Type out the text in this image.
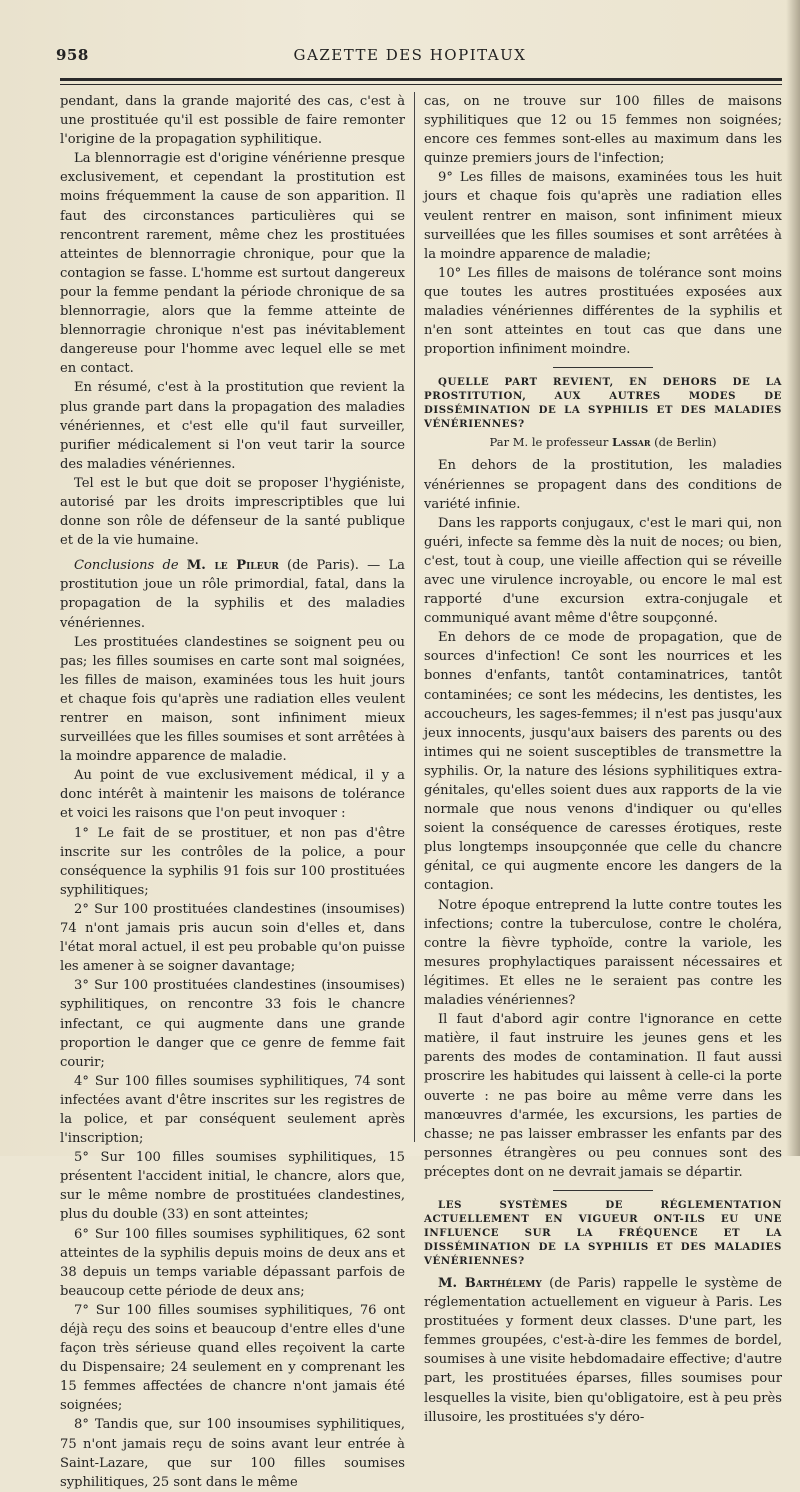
958	GAZETTE DES HOPITAUX

pendant, dans la grande majorité des cas, c'est à une prostituée qu'il est possible de faire remonter l'origine de la propagation syphilitique.

La blennorragie est d'origine vénérienne presque exclusivement, et cependant la prostitution est moins fréquemment la cause de son apparition. Il faut des circonstances particulières qui se rencontrent rarement, même chez les prostituées atteintes de blennorragie chronique, pour que la contagion se fasse. L'homme est surtout dangereux pour la femme pendant la période chronique de sa blennorragie, alors que la femme atteinte de blennorragie chronique n'est pas inévitablement dangereuse pour l'homme avec lequel elle se met en contact.

En résumé, c'est à la prostitution que revient la plus grande part dans la propagation des maladies vénériennes, et c'est elle qu'il faut surveiller, purifier médicalement si l'on veut tarir la source des maladies vénériennes.

Tel est le but que doit se proposer l'hygiéniste, autorisé par les droits imprescriptibles que lui donne son rôle de défenseur de la santé publique et de la vie humaine.

Conclusions de M. le Pileur (de Paris). — La prostitution joue un rôle primordial, fatal, dans la propagation de la syphilis et des maladies vénériennes.

Les prostituées clandestines se soignent peu ou pas; les filles soumises en carte sont mal soignées, les filles de maison, examinées tous les huit jours et chaque fois qu'après une radiation elles veulent rentrer en maison, sont infiniment mieux surveillées que les filles soumises et sont arrêtées à la moindre apparence de maladie.

Au point de vue exclusivement médical, il y a donc intérêt à maintenir les maisons de tolérance et voici les raisons que l'on peut invoquer :

1° Le fait de se prostituer, et non pas d'être inscrite sur les contrôles de la police, a pour conséquence la syphilis 91 fois sur 100 prostituées syphilitiques;

2° Sur 100 prostituées clandestines (insoumises) 74 n'ont jamais pris aucun soin d'elles et, dans l'état moral actuel, il est peu probable qu'on puisse les amener à se soigner davantage;

3° Sur 100 prostituées clandestines (insoumises) syphilitiques, on rencontre 33 fois le chancre infectant, ce qui augmente dans une grande proportion le danger que ce genre de femme fait courir;

4° Sur 100 filles soumises syphilitiques, 74 sont infectées avant d'être inscrites sur les registres de la police, et par conséquent seulement après l'inscription;

5° Sur 100 filles soumises syphilitiques, 15 présentent l'accident initial, le chancre, alors que, sur le même nombre de prostituées clandestines, plus du double (33) en sont atteintes;

6° Sur 100 filles soumises syphilitiques, 62 sont atteintes de la syphilis depuis moins de deux ans et 38 depuis un temps variable dépassant parfois de beaucoup cette période de deux ans;

7° Sur 100 filles soumises syphilitiques, 76 ont déjà reçu des soins et beaucoup d'entre elles d'une façon très sérieuse quand elles reçoivent la carte du Dispensaire; 24 seulement en y comprenant les 15 femmes affectées de chancre n'ont jamais été soignées;

8° Tandis que, sur 100 insoumises syphilitiques, 75 n'ont jamais reçu de soins avant leur entrée à Saint-Lazare, que sur 100 filles soumises syphilitiques, 25 sont dans le même

cas, on ne trouve sur 100 filles de maisons syphilitiques que 12 ou 15 femmes non soignées; encore ces femmes sont-elles au maximum dans les quinze premiers jours de l'infection;

9° Les filles de maisons, examinées tous les huit jours et chaque fois qu'après une radiation elles veulent rentrer en maison, sont infiniment mieux surveillées que les filles soumises et sont arrêtées à la moindre apparence de maladie;

10° Les filles de maisons de tolérance sont moins que toutes les autres prostituées exposées aux maladies vénériennes différentes de la syphilis et n'en sont atteintes en tout cas que dans une proportion infiniment moindre.

QUELLE PART REVIENT, EN DEHORS DE LA PROSTITUTION, AUX AUTRES MODES DE DISSÉMINATION DE LA SYPHILIS ET DES MALADIES VÉNÉRIENNES?

Par M. le professeur Lassar (de Berlin)

En dehors de la prostitution, les maladies vénériennes se propagent dans des conditions de variété infinie.

Dans les rapports conjugaux, c'est le mari qui, non guéri, infecte sa femme dès la nuit de noces; ou bien, c'est, tout à coup, une vieille affection qui se réveille avec une virulence incroyable, ou encore le mal est rapporté d'une excursion extra-conjugale et communiqué avant même d'être soupçonné.

En dehors de ce mode de propagation, que de sources d'infection! Ce sont les nourrices et les bonnes d'enfants, tantôt contaminatrices, tantôt contaminées; ce sont les médecins, les dentistes, les accoucheurs, les sages-femmes; il n'est pas jusqu'aux jeux innocents, jusqu'aux baisers des parents ou des intimes qui ne soient susceptibles de transmettre la syphilis. Or, la nature des lésions syphilitiques extra-génitales, qu'elles soient dues aux rapports de la vie normale que nous venons d'indiquer ou qu'elles soient la conséquence de caresses érotiques, reste plus longtemps insoupçonnée que celle du chancre génital, ce qui augmente encore les dangers de la contagion.

Notre époque entreprend la lutte contre toutes les infections; contre la tuberculose, contre le choléra, contre la fièvre typhoïde, contre la variole, les mesures prophylactiques paraissent nécessaires et légitimes. Et elles ne le seraient pas contre les maladies vénériennes?

Il faut d'abord agir contre l'ignorance en cette matière, il faut instruire les jeunes gens et les parents des modes de contamination. Il faut aussi proscrire les habitudes qui laissent à celle-ci la porte ouverte : ne pas boire au même verre dans les manœuvres d'armée, les excursions, les parties de chasse; ne pas laisser embrasser les enfants par des personnes étrangères ou peu connues sont des préceptes dont on ne devrait jamais se départir.

LES SYSTÈMES DE RÉGLEMENTATION ACTUELLEMENT EN VIGUEUR ONT-ILS EU UNE INFLUENCE SUR LA FRÉQUENCE ET LA DISSÉMINATION DE LA SYPHILIS ET DES MALADIES VÉNÉRIENNES?

M. Barthélemy (de Paris) rappelle le système de réglementation actuellement en vigueur à Paris. Les prostituées y forment deux classes. D'une part, les femmes groupées, c'est-à-dire les femmes de bordel, soumises à une visite hebdomadaire effective; d'autre part, les prostituées éparses, filles soumises pour lesquelles la visite, bien qu'obligatoire, est à peu près illusoire, les prostituées s'y déro-
